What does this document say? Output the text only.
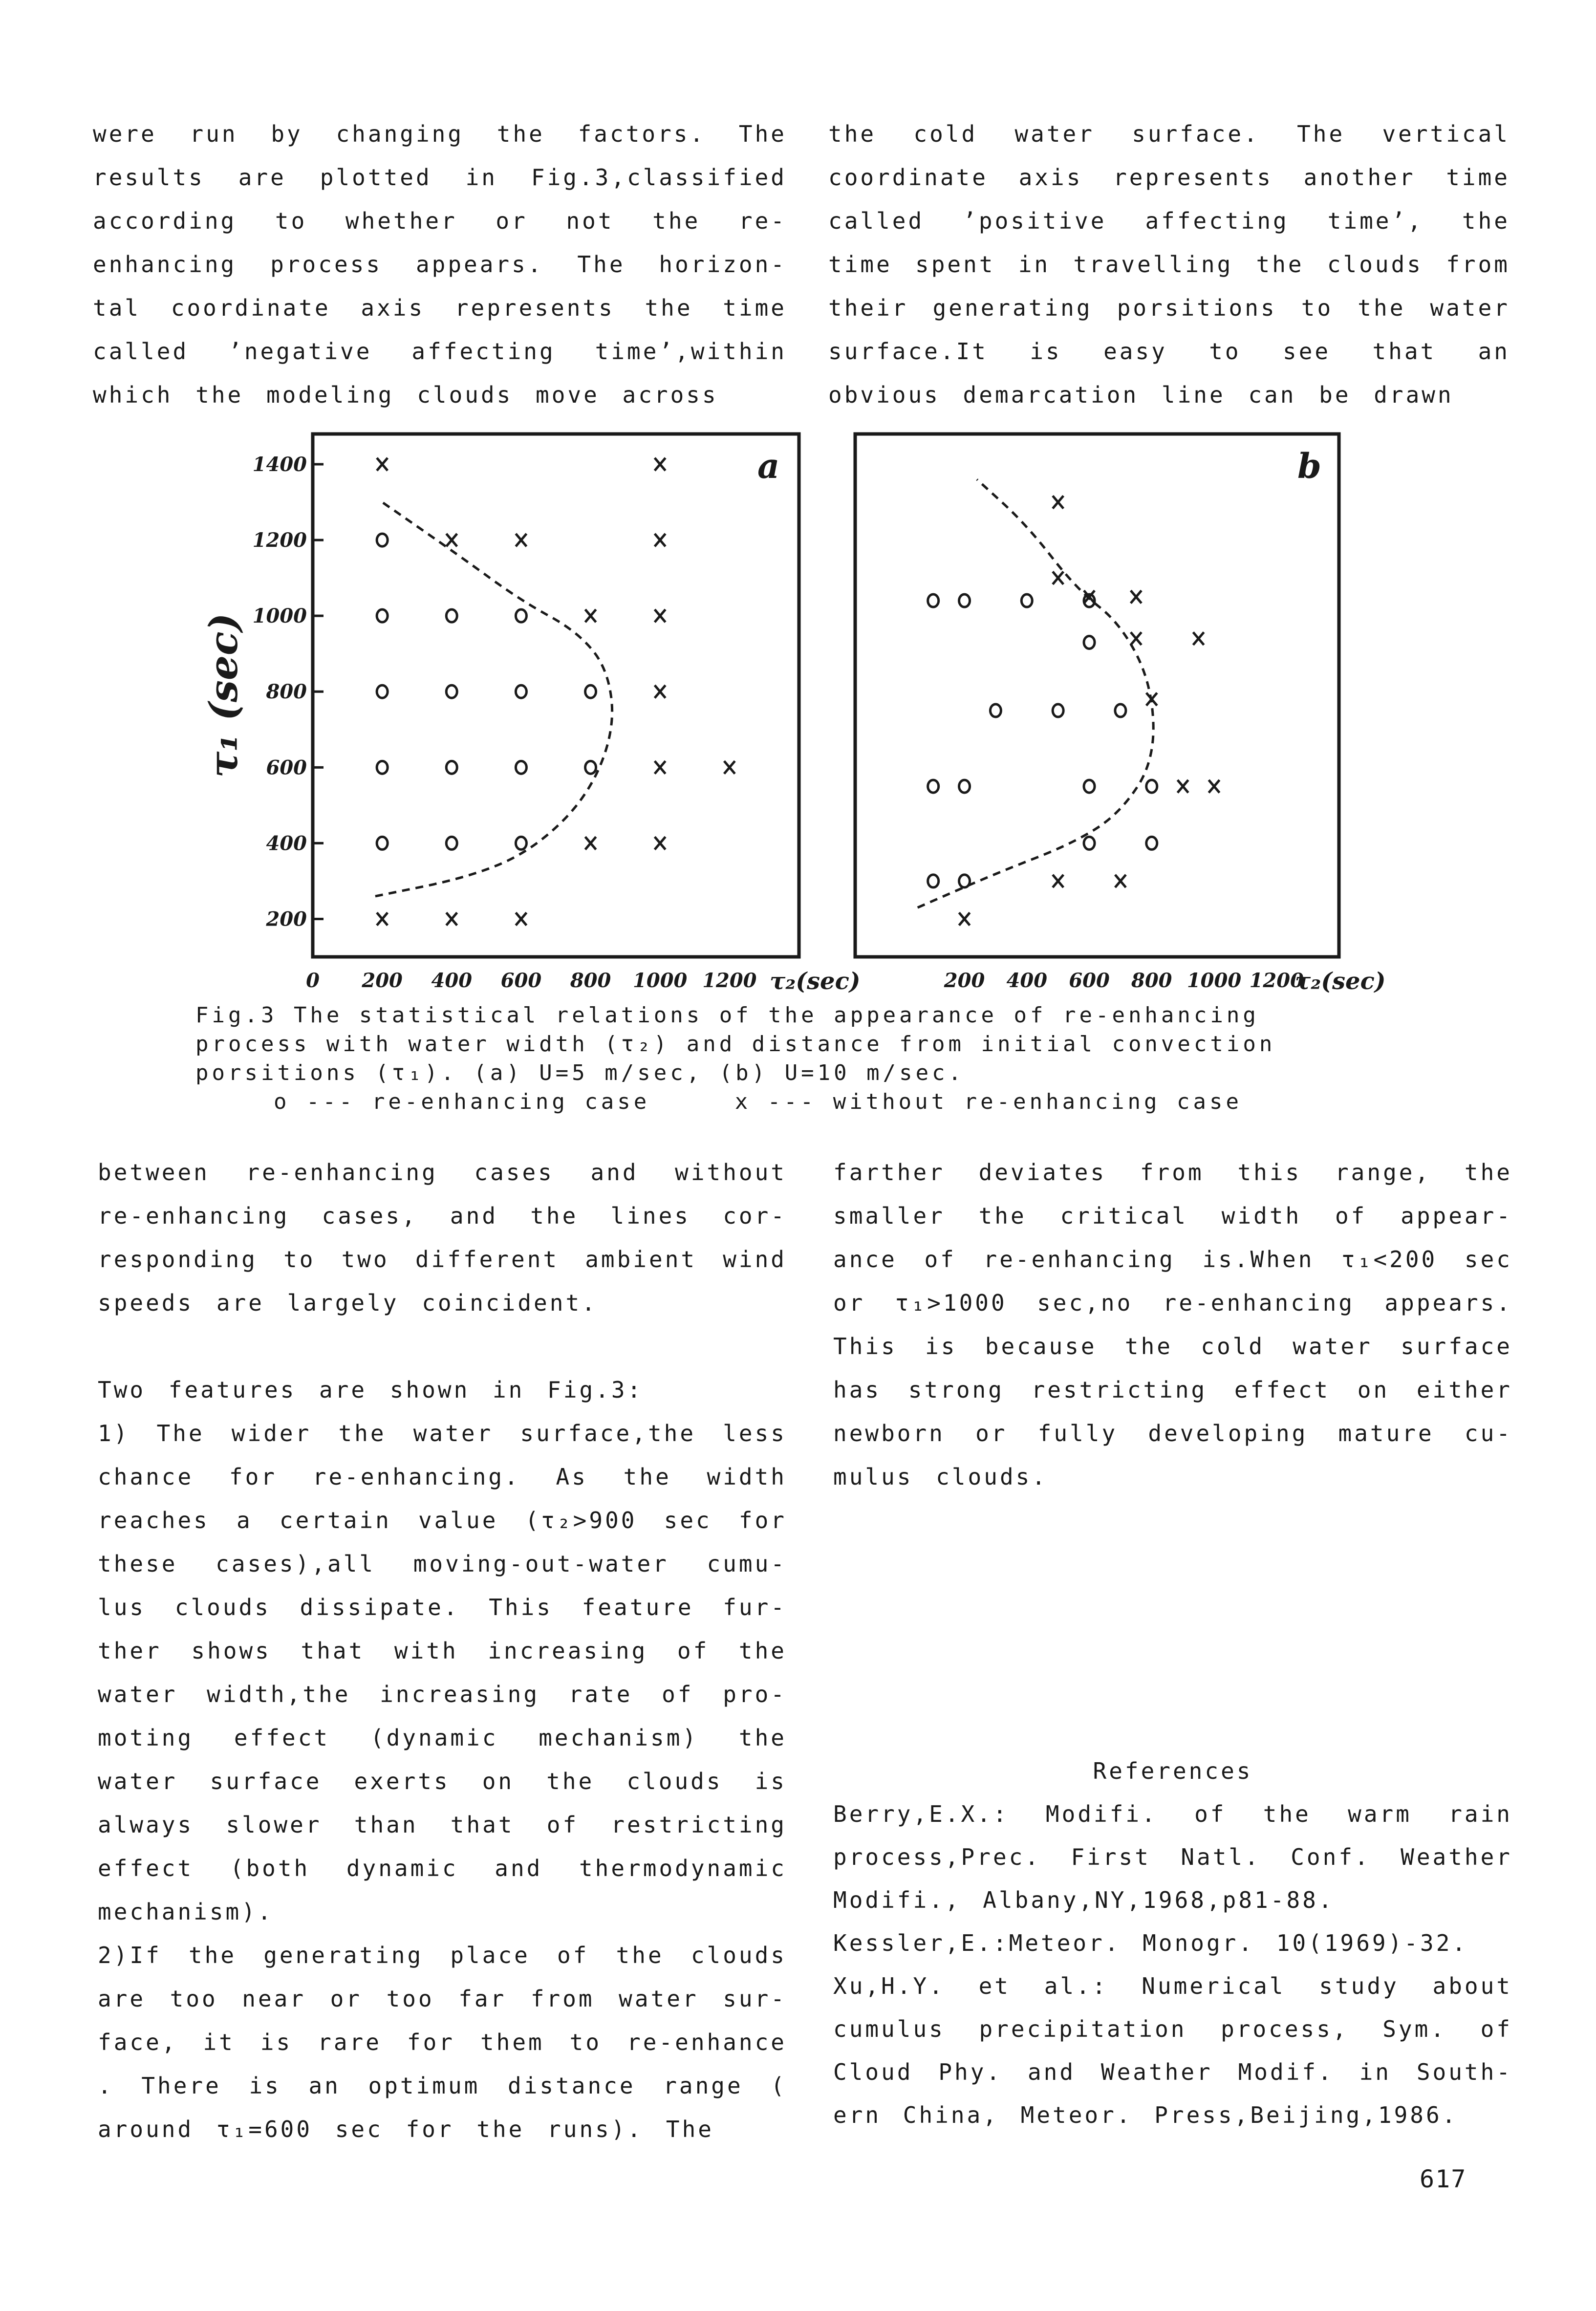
were run by changing the factors. The results are plotted in Fig.3,classified according to whether or not the re-enhancing process appears. The horizon-tal coordinate axis represents the time called ’negative affecting time’,within which the modeling clouds move across

the cold water surface. The vertical coordinate axis represents another time called ’positive affecting time’, the time spent in travelling the clouds from their generating porsitions to the water surface.It is easy to see that an obvious demarcation line can be drawn

200
400
600
800
1000
1200
1400
0 200 400 600 800 1000 1200 τ₂(sec)
τ₁ (sec)
a
200 400 600 800 1000 1200
τ₂(sec)
b

Fig.3 The statistical relations of the appearance of re-enhancing

process with water width (τ₂) and distance from initial convection

porsitions (τ₁). (a) U=5 m/sec, (b) U=10 m/sec.

o --- re-enhancing case	x --- without re-enhancing case

between re-enhancing cases and without re-enhancing cases, and the lines cor-responding to two different ambient wind speeds are largely coincident.

Two features are shown in Fig.3:

1) The wider the water surface,the less chance for re-enhancing. As the width reaches a certain value (τ₂>900 sec for these cases),all moving-out-water cumu-lus clouds dissipate. This feature fur-ther shows that with increasing of the water width,the increasing rate of pro-moting effect (dynamic mechanism) the water surface exerts on the clouds is always slower than that of restricting effect (both dynamic and thermodynamic mechanism).

2)If the generating place of the clouds are too near or too far from water sur-face, it is rare for them to re-enhance . There is an optimum distance range ( around τ₁=600 sec for the runs). The

farther deviates from this range, the smaller the critical width of appear-ance of re-enhancing is.When τ₁<200 sec or τ₁>1000 sec,no re-enhancing appears. This is because the cold water surface has strong restricting effect on either newborn or fully developing mature cu-mulus clouds.

References

Berry,E.X.: Modifi. of the warm rain process,Prec. First Natl. Conf. Weather Modifi., Albany,NY,1968,p81-88.

Kessler,E.:Meteor. Monogr. 10(1969)-32.

Xu,H.Y. et al.: Numerical study about cumulus precipitation process, Sym. of Cloud Phy. and Weather Modif. in South-ern China, Meteor. Press,Beijing,1986.

617
